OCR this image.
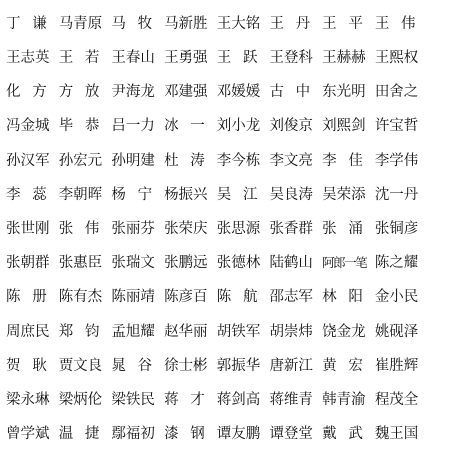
丁 谦 马青原 马 牧 马新胜 王大铭 王 丹 王 平 王 伟
王志英 王 若 王春山 王勇强 王 跃 王登科 王赫赫 王熙权
化 方 方 放 尹海龙 邓建强 邓媛媛 古 中 东光明 田舍之
冯金城 毕 恭 吕一力 冰 一 刘小龙 刘俊京 刘熙剑 许宝哲
孙汉军 孙宏元 孙明建 杜 涛 李今栋 李文亮 李 佳 李学伟
李 蕊 李朝晖 杨 宁 杨振兴 吴 江 吴良涛 吴荣添 沈一丹
张世刚 张 伟 张丽芬 张荣庆 张思源 张香群 张 涌 张铜彦
张朝群 张惠臣 张瑞文 张鹏远 张德林 陆鹤山 阿郎一笔 陈之耀
陈 册 陈有杰 陈丽靖 陈彦百 陈 航 邵志军 林 阳 金小民
周庶民 郑 钧 孟旭耀 赵华丽 胡铁军 胡崇炜 饶金龙 姚砚泽
贺 耿 贾文良 晁 谷 徐士彬 郭振华 唐新江 黄 宏 崔胜辉
梁永琳 梁炳伦 梁铁民 蒋 才 蒋剑高 蒋维青 韩青渝 程茂全
曾学斌 温 捷 鄢福初 漆 钢 谭友鹏 谭登堂 戴 武 魏王国
